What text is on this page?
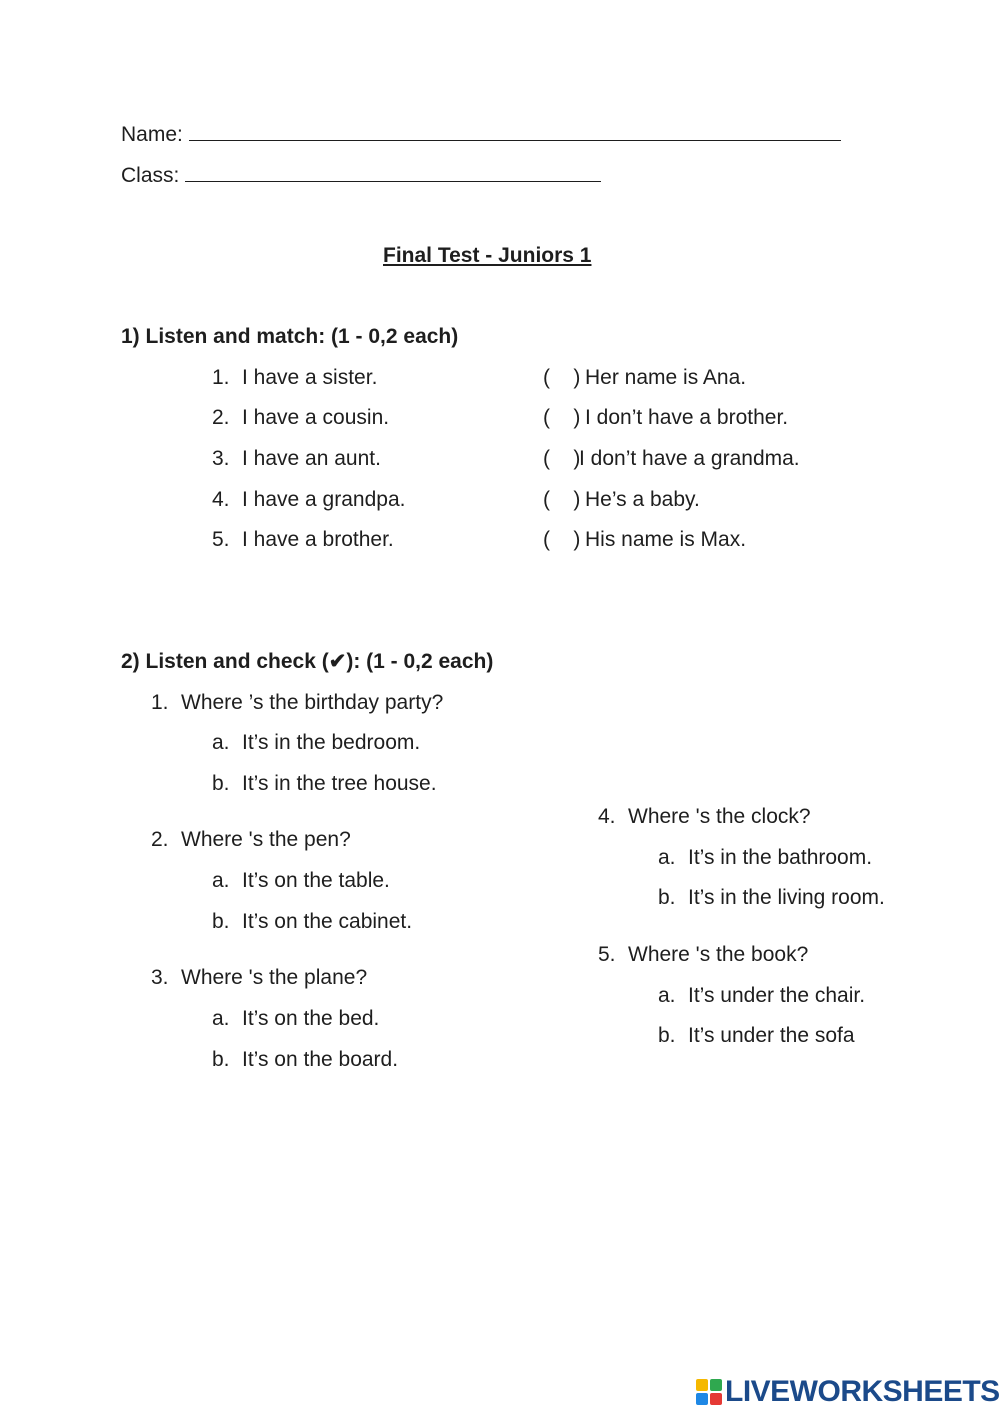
Name:
Class:
Final Test - Juniors 1
1) Listen and match: (1 - 0,2 each)
1. I have a sister.
2. I have a cousin.
3. I have an aunt.
4. I have a grandpa.
5. I have a brother.
(    ) Her name is Ana.
(    ) I don’t have a brother.
(    )I don’t have a grandma.
(    ) He’s a baby.
(    ) His name is Max.
2) Listen and check (✔): (1 - 0,2 each)
1. Where ’s the birthday party?
a. It’s in the bedroom.
b. It’s in the tree house.
2. Where 's the pen?
a. It’s on the table.
b. It’s on the cabinet.
3. Where 's the plane?
a. It’s on the bed.
b. It’s on the board.
4. Where 's the clock?
a. It’s in the bathroom.
b. It’s in the living room.
5. Where 's the book?
a. It’s under the chair.
b. It’s under the sofa
LIVEWORKSHEETS
